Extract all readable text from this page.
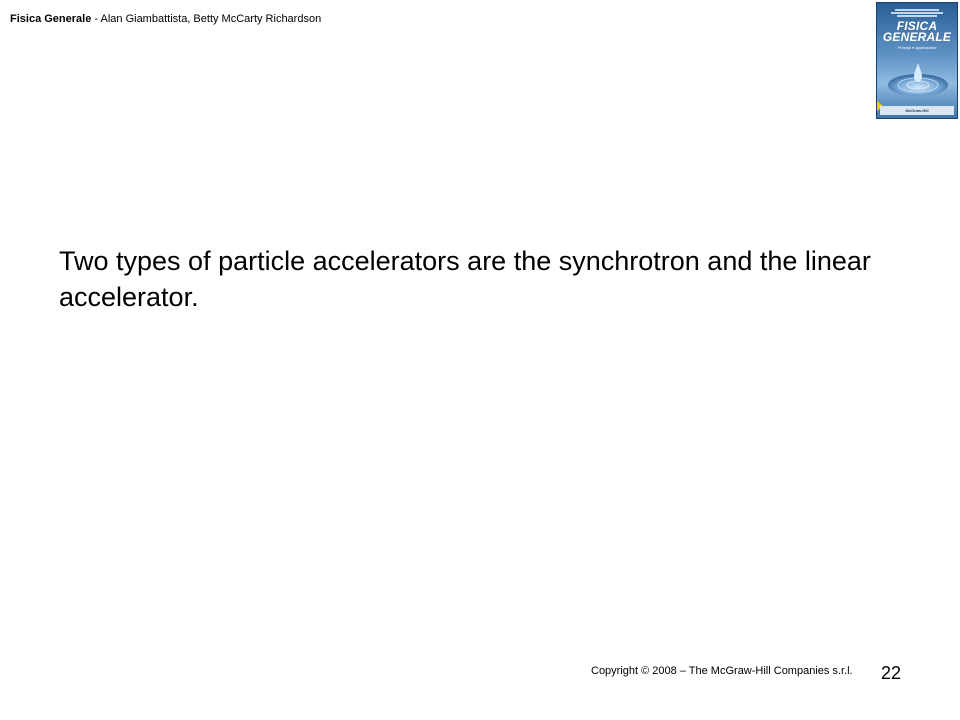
Fisica Generale - Alan Giambattista, Betty McCarty Richardson	FISICA
GENERALE
Principi e applicazioni
McGraw-Hill
Two types of particle accelerators are the synchrotron and the linear accelerator.
Copyright © 2008 – The McGraw-Hill Companies s.r.l. 22
